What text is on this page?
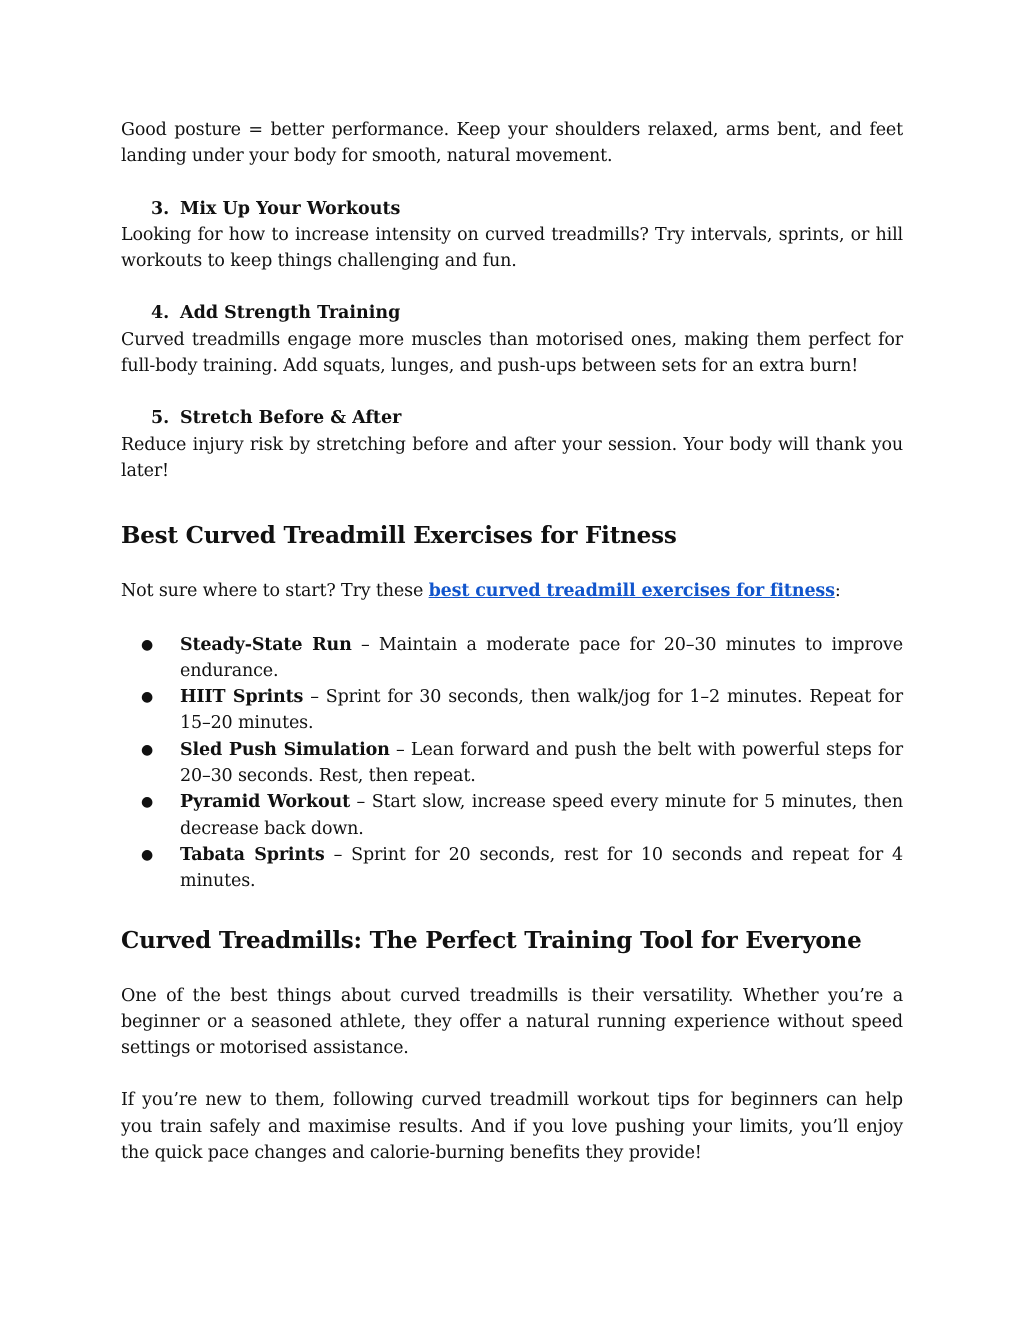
Good posture = better performance. Keep your shoulders relaxed, arms bent, and feet landing under your body for smooth, natural movement.

3. Mix Up Your Workouts

Looking for how to increase intensity on curved treadmills? Try intervals, sprints, or hill workouts to keep things challenging and fun.

4. Add Strength Training

Curved treadmills engage more muscles than motorised ones, making them perfect for full-body training. Add squats, lunges, and push-ups between sets for an extra burn!

5. Stretch Before & After

Reduce injury risk by stretching before and after your session. Your body will thank you later!

Best Curved Treadmill Exercises for Fitness

Not sure where to start? Try these best curved treadmill exercises for fitness:

● Steady-State Run – Maintain a moderate pace for 20–30 minutes to improve endurance.
● HIIT Sprints – Sprint for 30 seconds, then walk/jog for 1–2 minutes. Repeat for 15–20 minutes.
● Sled Push Simulation – Lean forward and push the belt with powerful steps for 20–30 seconds. Rest, then repeat.
● Pyramid Workout – Start slow, increase speed every minute for 5 minutes, then decrease back down.
● Tabata Sprints – Sprint for 20 seconds, rest for 10 seconds and repeat for 4 minutes.
Curved Treadmills: The Perfect Training Tool for Everyone

One of the best things about curved treadmills is their versatility. Whether you’re a beginner or a seasoned athlete, they offer a natural running experience without speed settings or motorised assistance.

If you’re new to them, following curved treadmill workout tips for beginners can help you train safely and maximise results. And if you love pushing your limits, you’ll enjoy the quick pace changes and calorie-burning benefits they provide!
